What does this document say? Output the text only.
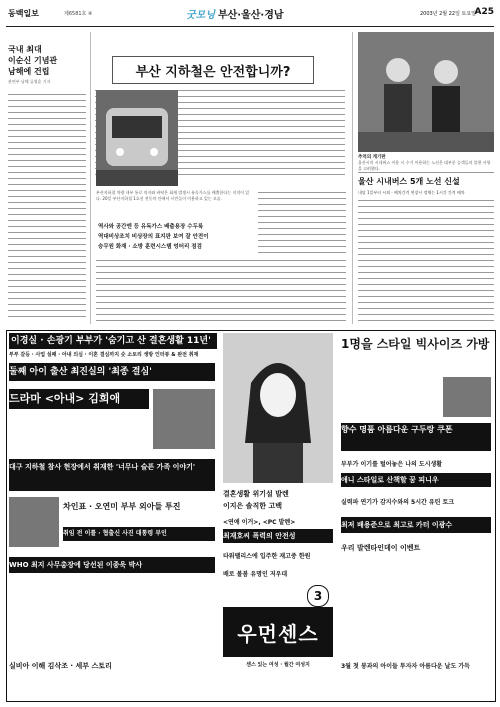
동백일보	제6581호 ④	굿모닝 부산·울산·경남	2003년 2월 22일 토요일
A25
국내 최대
이순신 기념관
남해에 건립
관련부 남해 류영훈 기자
부산 지하철은 안전합니까?
부산지하철 차량 내부 통로 의자와 바닥은 화재 발생시 유독가스를 배출한다는 지적이 있다. 20일 부산지하철 1호선 전동차 안에서 시민들이 이용하고 있는 모습.
역사와 공간엔 등 유독가스 배출용장 수두룩
역대비상조치 비상장의 표지판 보여 잘 안전이
승무원 화재 · 소방 훈련시스템 엉터리 점검
추억의 게기판
울산시의 시내버스 이용 시 수기 이용하는 노선은 대부분 승객들의 불편 사항을 고려했다.
울산 시내버스 5개 노선 신설
내달 1일부터 시외 · 배차간격 연장시 정체는 1시간 간격 배차
이경실 · 손광기 부부가 '숨기고 산 결혼생활 11년'
부부 갈등 · 사업 실패 · 아내 의심 · 이혼 결심까지 숫 소토리 생방 인터뷰 & 완전 취재
둘째 아이 출산 최진실의 '최종 결심'
드라마 <아내> 김희애
대구 지하철 참사 현장에서 취재한 '너무나 슬픈 가족 이야기'
차인표 · 오연미 부부 외아들 투진
취임 전 이틀 · 협출신 사진 대통령 부인
WHO 최지 사무총장에 당선된 이종욱 박사
실비아 이해 김삭조 · 세부 스토리
결혼생활 위기설 발렌
이지은 솔직한 고백
<연애 이거>, <PC 발렌>
최재호씨 폭력의 안전성
타워팰리스에 입주한 재고중 한원
배로 볼봄 유명인 저우대
우먼센스
3
센스 있는 여성 · 월간 여성지
1명을 스타일 빅사이즈 가방
향수 명품 아름다운 구두랑 쿠폰
부부가 이기를 털어놓은 나의 도시생활
애니 스타일로 산책할 꿈 피니우
실력파 연기가 감지수와의 5시간 유틴 토크
최저 배용준으로 최고로 카터 이광수
우리 발렌타인데이 이벤트
3월 첫 봉과의 아이들 투자자 아름다운 날도 가득
